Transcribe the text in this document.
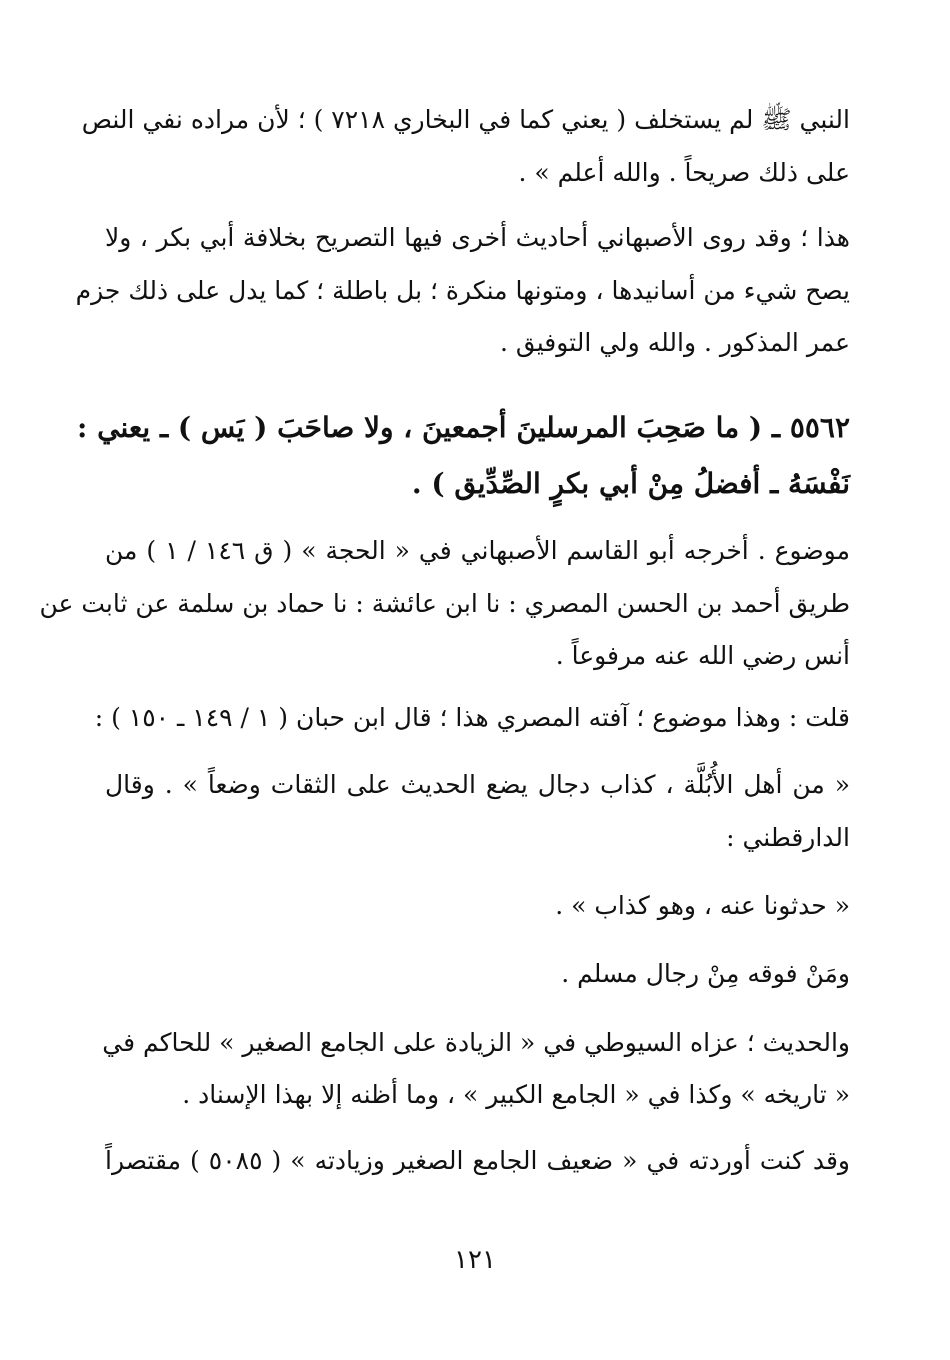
النبي ﷺ لم يستخلف ( يعني كما في البخاري ٧٢١٨ ) ؛ لأن مراده نفي النص
على ذلك صريحاً . والله أعلم » .
هذا ؛ وقد روى الأصبهاني أحاديث أخرى فيها التصريح بخلافة أبي بكر ، ولا
يصح شيء من أسانيدها ، ومتونها منكرة ؛ بل باطلة ؛ كما يدل على ذلك جزم
عمر المذكور . والله ولي التوفيق .
٥٥٦٢ ـ ( ما صَحِبَ المرسلينَ أجمعينَ ، ولا صاحَبَ ( يَس ) ـ يعني :
نَفْسَهُ ـ أفضلُ مِنْ أبي بكرٍ الصِّدِّيق ) .
موضوع . أخرجه أبو القاسم الأصبهاني في « الحجة » ( ق ١٤٦ / ١ ) من
طريق أحمد بن الحسن المصري : نا ابن عائشة : نا حماد بن سلمة عن ثابت عن
أنس رضي الله عنه مرفوعاً .
قلت : وهذا موضوع ؛ آفته المصري هذا ؛ قال ابن حبان ( ١ / ١٤٩ ـ ١٥٠ ) :
« من أهل الأُبُلَّة ، كذاب دجال يضع الحديث على الثقات وضعاً » . وقال
الدارقطني :
« حدثونا عنه ، وهو كذاب » .
ومَنْ فوقه مِنْ رجال مسلم .
والحديث ؛ عزاه السيوطي في « الزيادة على الجامع الصغير » للحاكم في
« تاريخه » وكذا في « الجامع الكبير » ، وما أظنه إلا بهذا الإسناد .
وقد كنت أوردته في « ضعيف الجامع الصغير وزيادته » ( ٥٠٨٥ ) مقتصراً
١٢١
